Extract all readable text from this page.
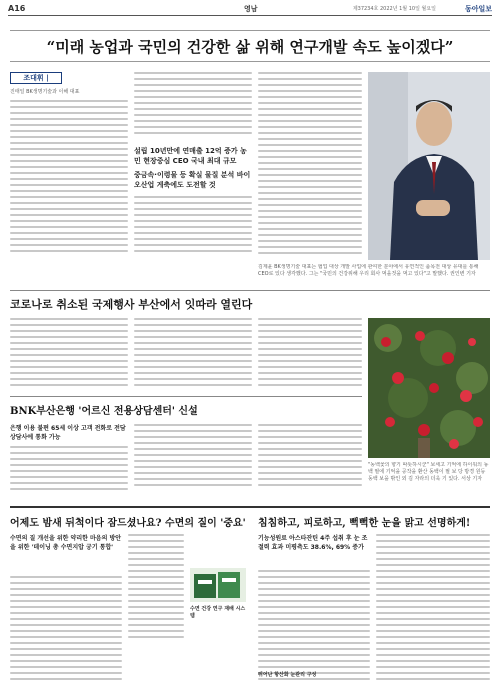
A16	영남	제37234호 2022년 1월 10일 월요일	동아일보
“미래 농업과 국민의 건강한 삶 위해 연구개발 속도 높이겠다”
조대휘 |
진태일 BK생명기술과 이해 대표
설립 10년만에 연매출 12억 증가 농민 현장중심 CEO 국내 최대 규모
중금속·이령물 등 확실 물질 분석 바이오산업 게축에도 도전할 것
김제윤 BK생명기술 대표는 협업 대상 개발 사업에 관여한 분야에서 유연적인 품목전 대상 유대를 통해 CEO로 있다 생각했다. 그는 "국민의 건강위해 우리 회사 먹을것을 먹고 있다"고 말했다. 권인변 기자
코로나로 취소된 국제행사 부산에서 잇따라 열린다
BNK부산은행 '어르신 전용상담센터' 신설
은행 이용 불편 65세 이상 고객 전화로 전담 상담사에 통화 가능
"동백꽃의 향기 따뜻하시군" 보세고 기억에 하이워의 동백 필에 기억을 공작을 환산 동백이 필 보 당 방경 원등 동백 보을 밖인 외 김 자라의 더욱 기 있다. 서상 기자
어제도 밤새 뒤척이다 잠드셨나요? 수면의 질이 '중요' 침침하고, 피로하고, 뻑뻑한 눈을 맑고 선명하게!
수면의 질 개선을 위한 약리한 마음의 방안을 위한 '데이닝 총 수면지압 궁기 통합'
수면 건강 연구 재배 시스템
기능성원료 아스타잔틴 4주 섭취 후 눈 조절력 효과 미평측도 38.6%, 69% 증가
뛰어난 항산화 눈관리 구성
